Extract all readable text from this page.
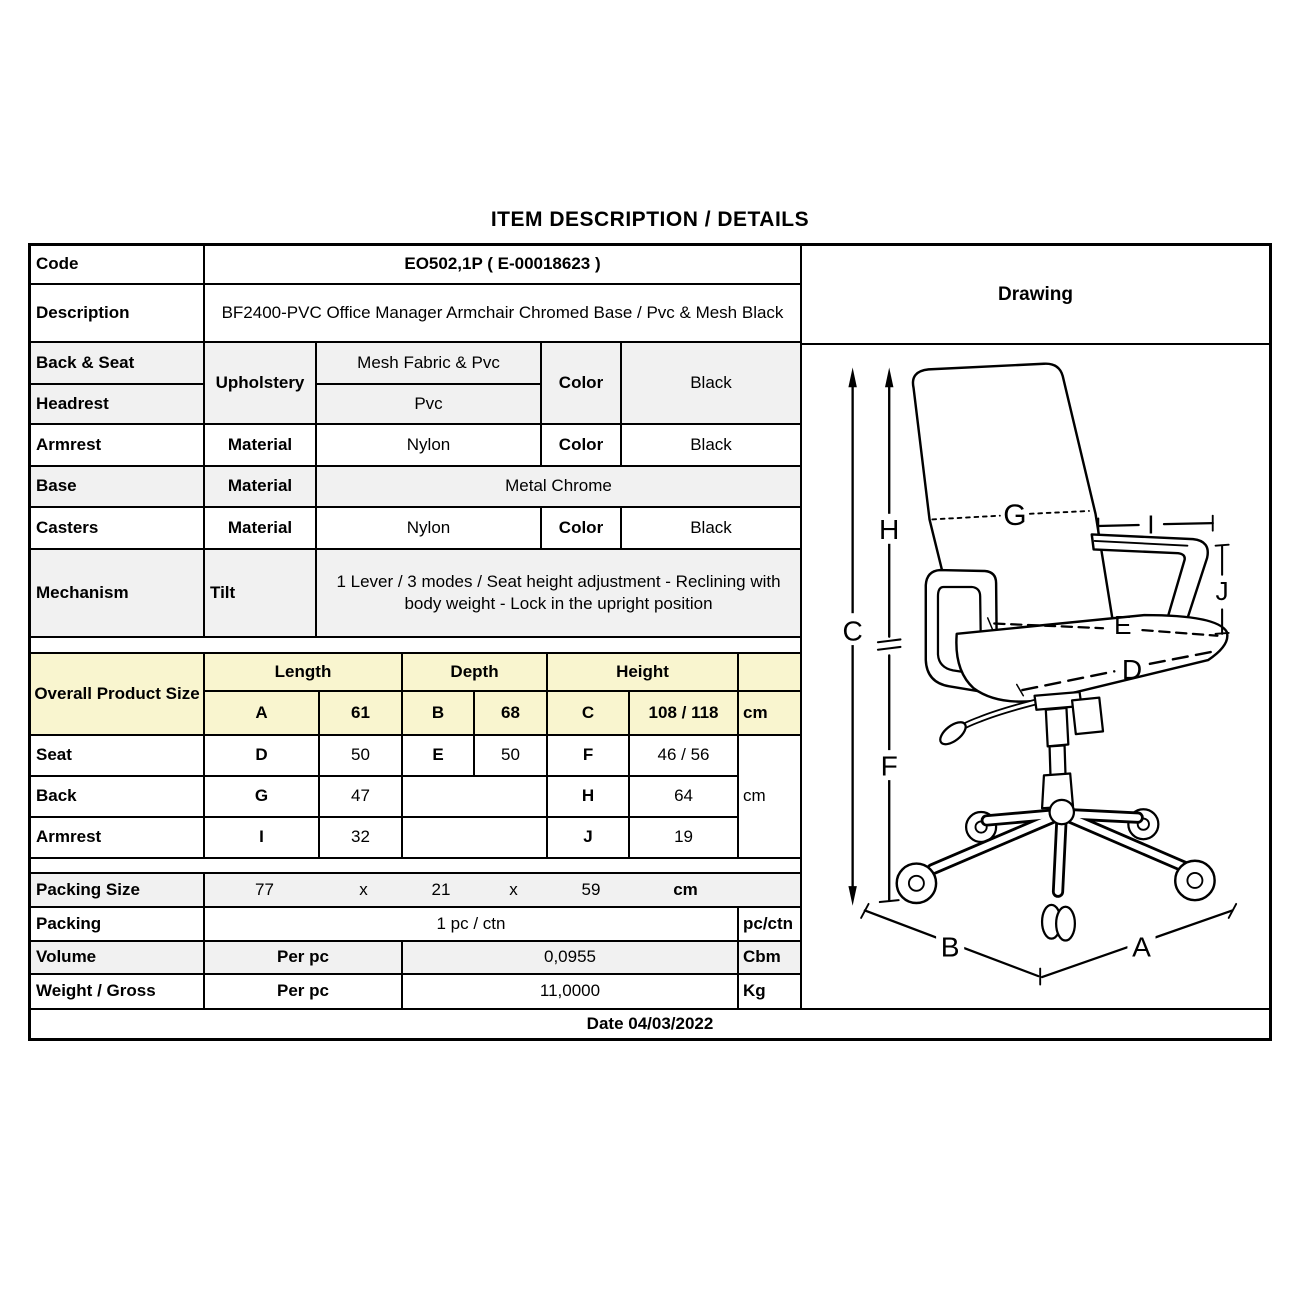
ITEM DESCRIPTION / DETAILS
Code	EO502,1P ( E-00018623 )			
Description	BF2400-PVC Office Manager Armchair Chromed Base / Pvc & Mesh Black			
Back & Seat	Upholstery	Mesh Fabric & Pvc	Color	Black
Headrest		Pvc		
Armrest	Material	Nylon	Color	Black
Base	Material	Metal Chrome		
Casters	Material	Nylon	Color	Black
Mechanism	Tilt	1 Lever / 3 modes / Seat height adjustment - Reclining with body weight - Lock in the upright position		
Overall Product Size	Length		Depth		Height		
	A	61	B	68	C	108 / 118	cm
Seat	D	50	E	50	F	46 / 56	cm
Back	G	47			H	64	
Armrest	I	32			J	19	
Packing Size	77	x	21	x	59	cm

Packing	1 pc / ctn		pc/ctn
Volume	Per pc	0,0955	Cbm
Weight / Gross	Per pc	11,0000	Kg
Drawing
C
H
F
E
D
G	I
J
B	A
Date 04/03/2022
